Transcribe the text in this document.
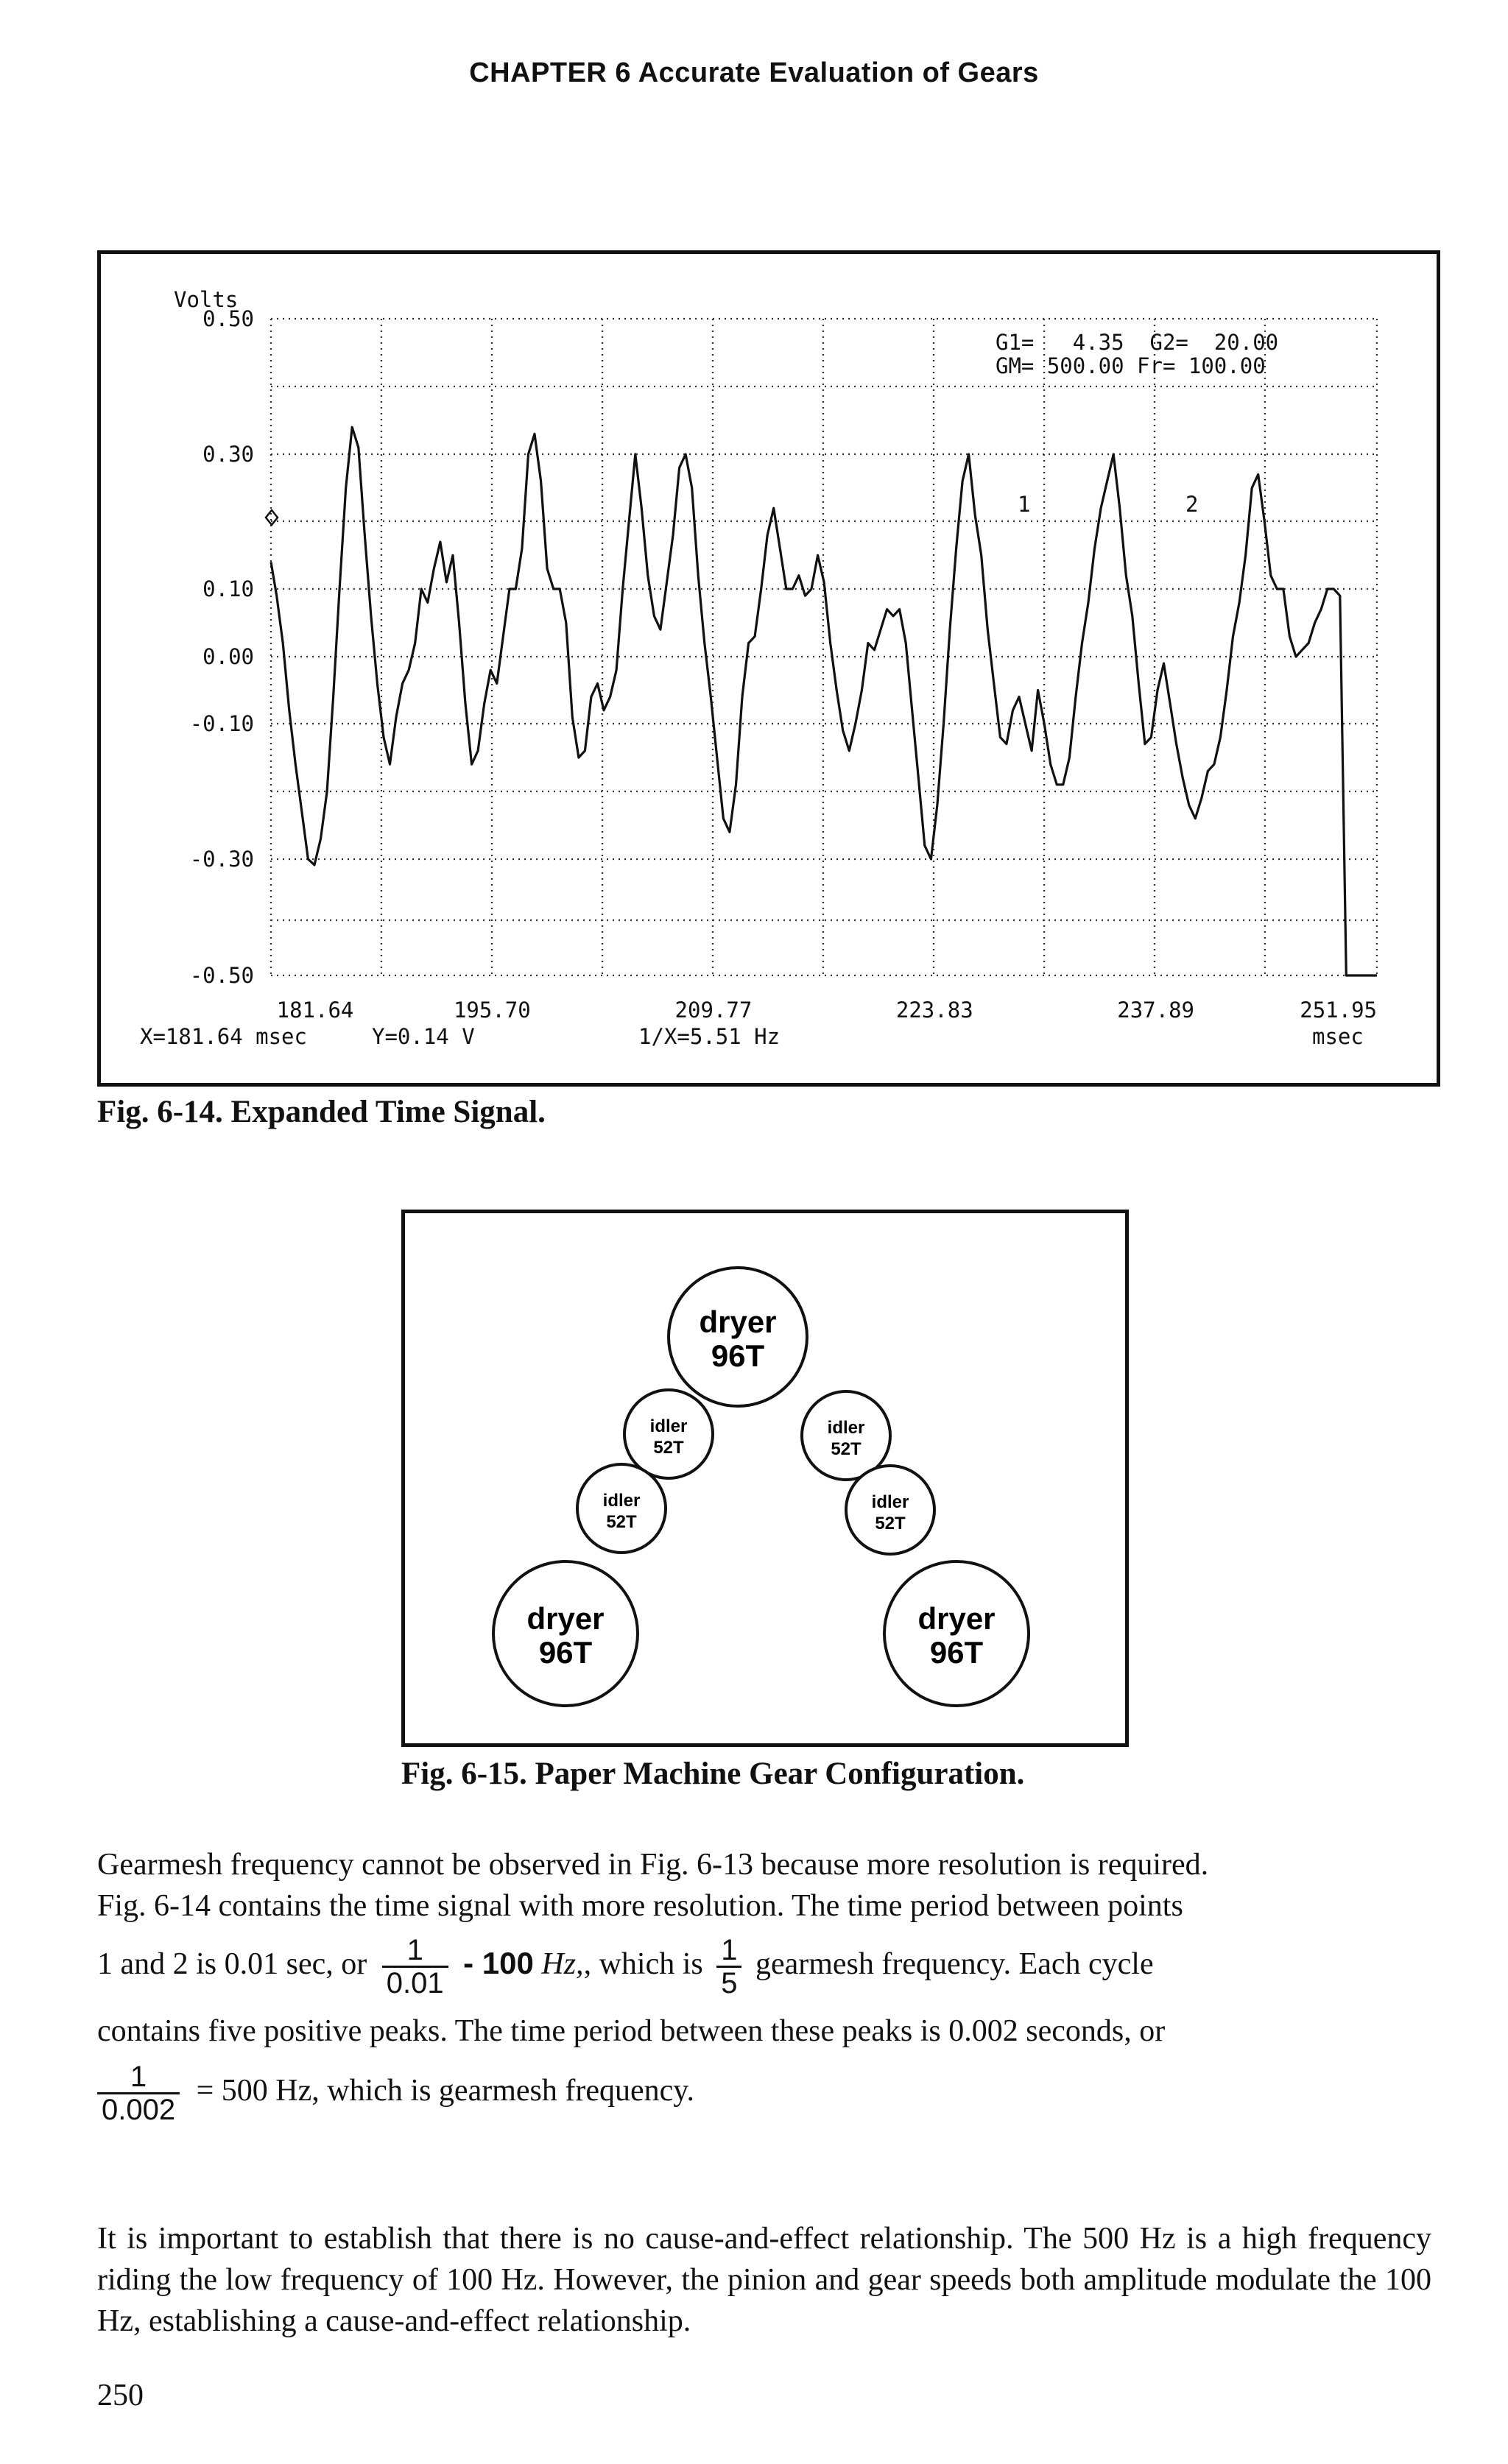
CHAPTER 6 Accurate Evaluation of Gears
0.50
0.30
0.10
0.00
-0.10
-0.30
-0.50
181.64	195.70	209.77	223.83	237.89	251.95
Volts
G1=   4.35  G2=  20.00
GM= 500.00 Fr= 100.00
1	2
X=181.64 msec	Y=0.14 V	1/X=5.51 Hz	msec
Fig. 6-14. Expanded Time Signal.
dryer
96T
idler
52T
idler
52T
idler
52T
idler
52T
dryer
96T
dryer
96T
Fig. 6-15. Paper Machine Gear Configuration.
Gearmesh frequency cannot be observed in Fig. 6-13 because more resolution is required.
Fig. 6-14 contains the time signal with more resolution. The time period between points
1 and 2 is 0.01 sec, or $\frac{1}{0.01} - 100$ Hz,, which is $\frac{1}{5}$ gearmesh frequency. Each cycle
contains five positive peaks. The time period between these peaks is 0.002 seconds, or
$\frac{1}{0.002} = 500$ Hz, which is gearmesh frequency.
It is important to establish that there is no cause-and-effect relationship. The 500 Hz is a high frequency riding the low frequency of 100 Hz. However, the pinion and gear speeds both amplitude modulate the 100 Hz, establishing a cause-and-effect relationship.
250
